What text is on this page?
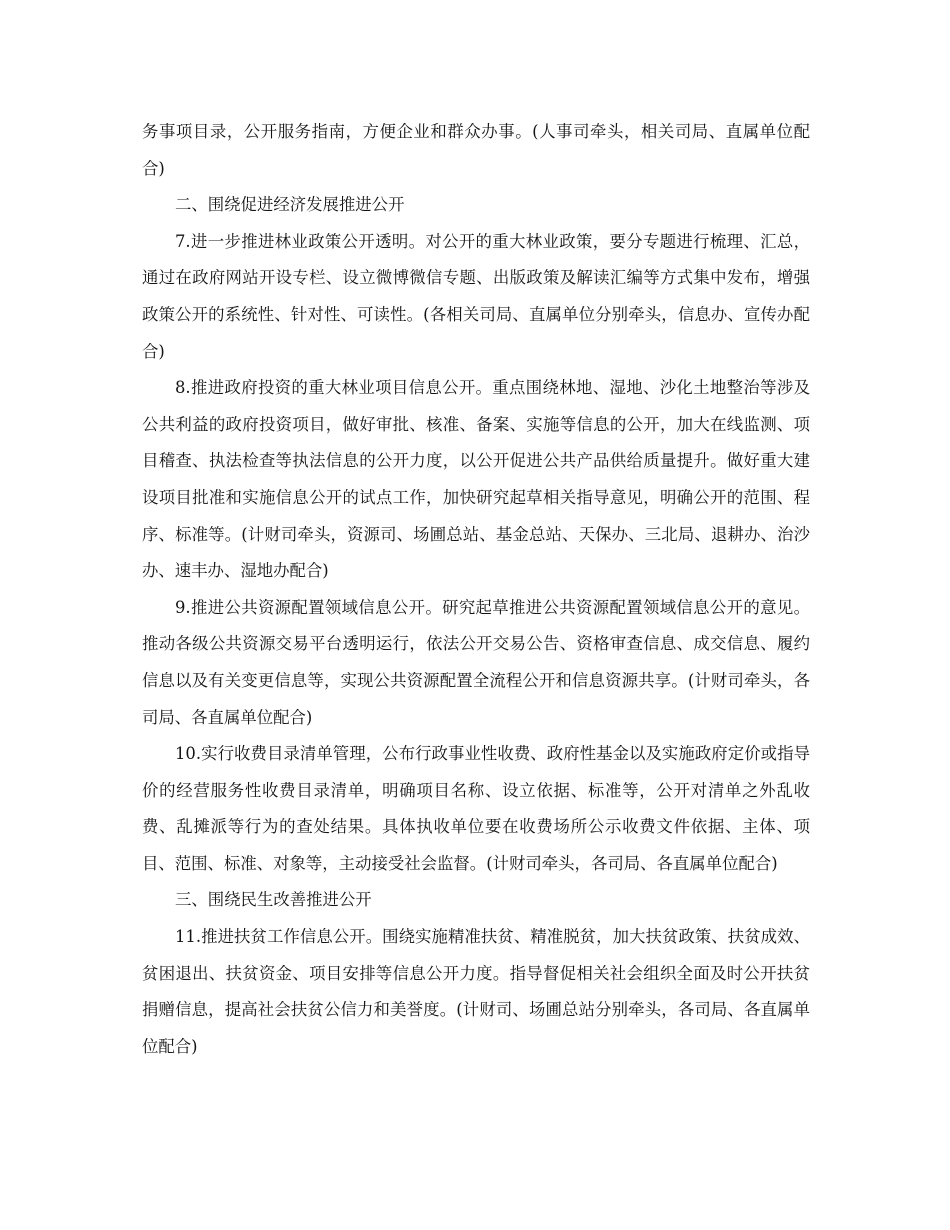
务事项目录，公开服务指南，方便企业和群众办事。(人事司牵头，相关司局、直属单位配合)

二、围绕促进经济发展推进公开

7.进一步推进林业政策公开透明。对公开的重大林业政策，要分专题进行梳理、汇总，通过在政府网站开设专栏、设立微博微信专题、出版政策及解读汇编等方式集中发布，增强政策公开的系统性、针对性、可读性。(各相关司局、直属单位分别牵头，信息办、宣传办配合)

8.推进政府投资的重大林业项目信息公开。重点围绕林地、湿地、沙化土地整治等涉及公共利益的政府投资项目，做好审批、核准、备案、实施等信息的公开，加大在线监测、项目稽查、执法检查等执法信息的公开力度，以公开促进公共产品供给质量提升。做好重大建设项目批准和实施信息公开的试点工作，加快研究起草相关指导意见，明确公开的范围、程序、标准等。(计财司牵头，资源司、场圃总站、基金总站、天保办、三北局、退耕办、治沙办、速丰办、湿地办配合)

9.推进公共资源配置领域信息公开。研究起草推进公共资源配置领域信息公开的意见。推动各级公共资源交易平台透明运行，依法公开交易公告、资格审查信息、成交信息、履约信息以及有关变更信息等，实现公共资源配置全流程公开和信息资源共享。(计财司牵头，各司局、各直属单位配合)

10.实行收费目录清单管理，公布行政事业性收费、政府性基金以及实施政府定价或指导价的经营服务性收费目录清单，明确项目名称、设立依据、标准等，公开对清单之外乱收费、乱摊派等行为的查处结果。具体执收单位要在收费场所公示收费文件依据、主体、项目、范围、标准、对象等，主动接受社会监督。(计财司牵头，各司局、各直属单位配合)

三、围绕民生改善推进公开

11.推进扶贫工作信息公开。围绕实施精准扶贫、精准脱贫，加大扶贫政策、扶贫成效、贫困退出、扶贫资金、项目安排等信息公开力度。指导督促相关社会组织全面及时公开扶贫捐赠信息，提高社会扶贫公信力和美誉度。(计财司、场圃总站分别牵头，各司局、各直属单位配合)
